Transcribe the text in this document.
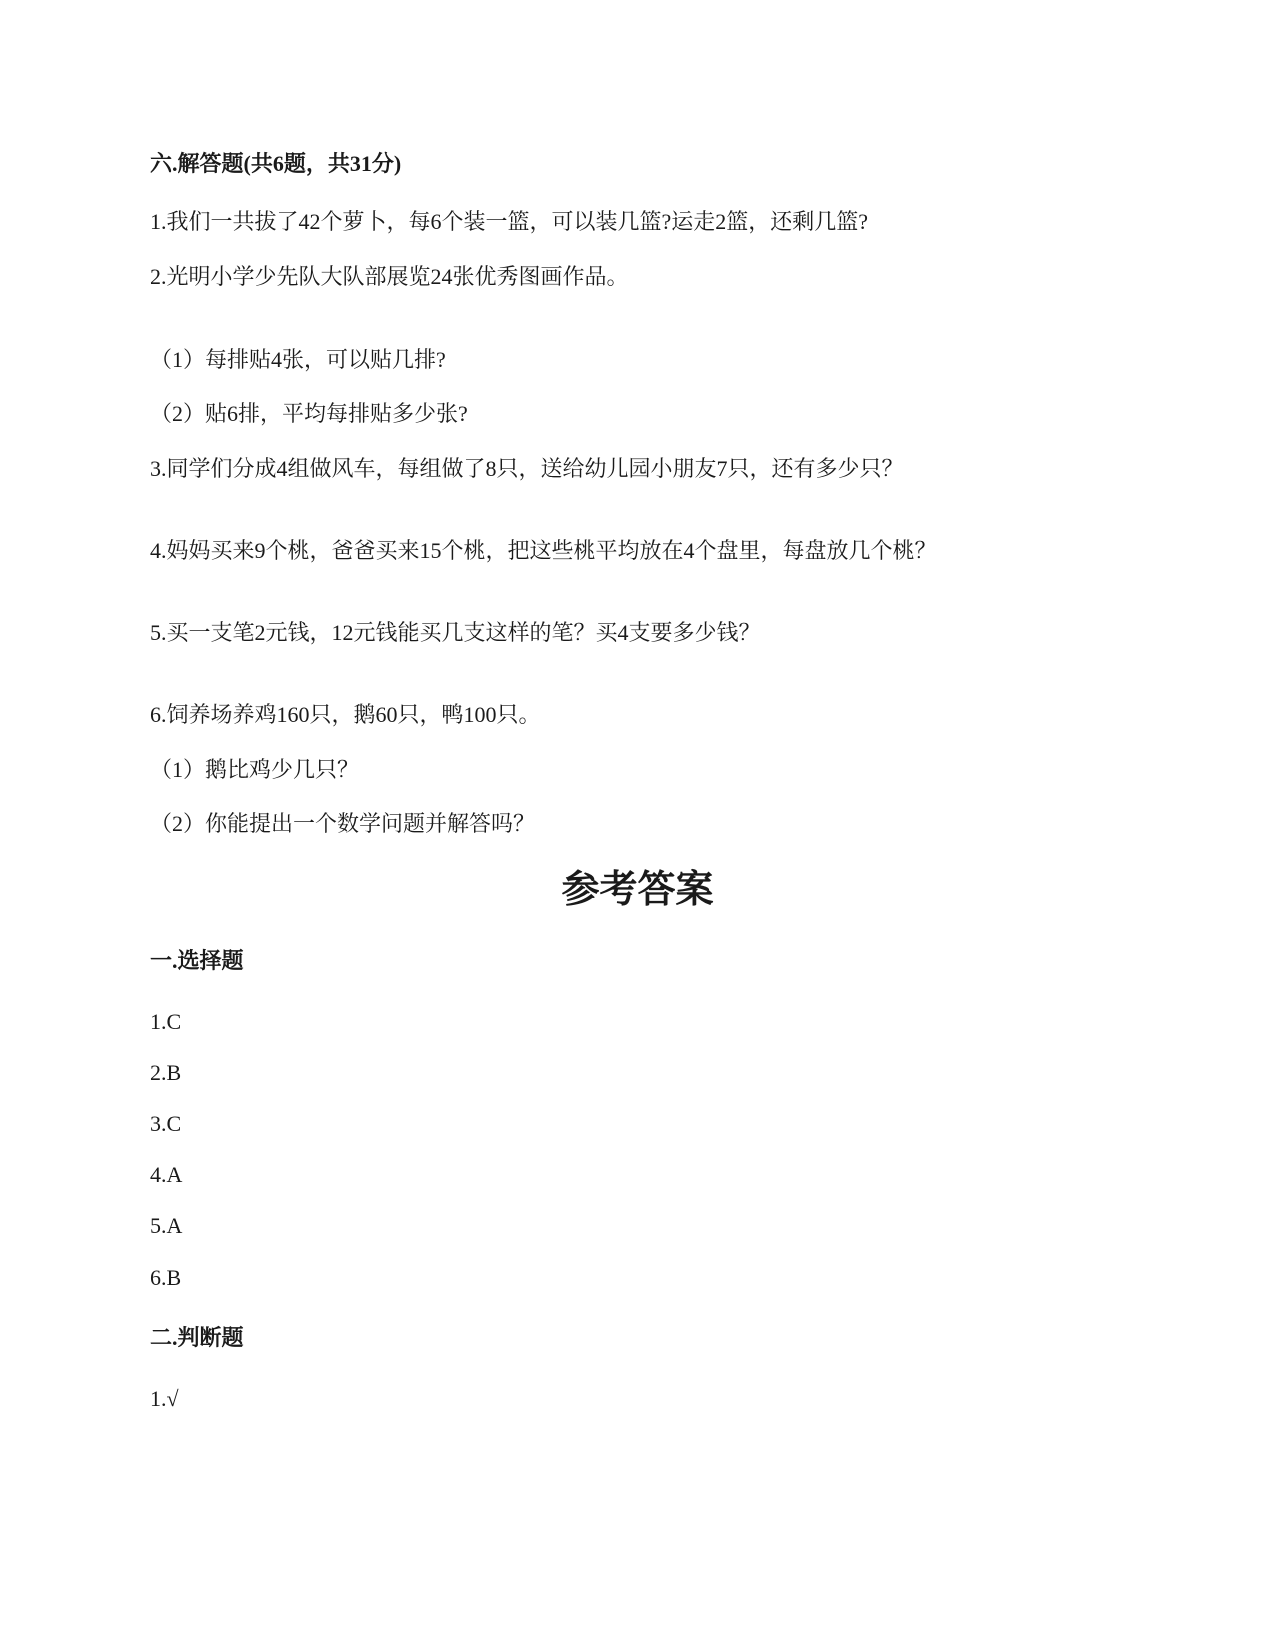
六.解答题(共6题，共31分)
1.我们一共拔了42个萝卜，每6个装一篮，可以装几篮?运走2篮，还剩几篮?
2.光明小学少先队大队部展览24张优秀图画作品。
（1）每排贴4张，可以贴几排?
（2）贴6排，平均每排贴多少张?
3.同学们分成4组做风车，每组做了8只，送给幼儿园小朋友7只，还有多少只？
4.妈妈买来9个桃，爸爸买来15个桃，把这些桃平均放在4个盘里，每盘放几个桃？
5.买一支笔2元钱，12元钱能买几支这样的笔？买4支要多少钱？
6.饲养场养鸡160只，鹅60只，鸭100只。
（1）鹅比鸡少几只？
（2）你能提出一个数学问题并解答吗？
参考答案
一.选择题
1.C
2.B
3.C
4.A
5.A
6.B
二.判断题
1.√
